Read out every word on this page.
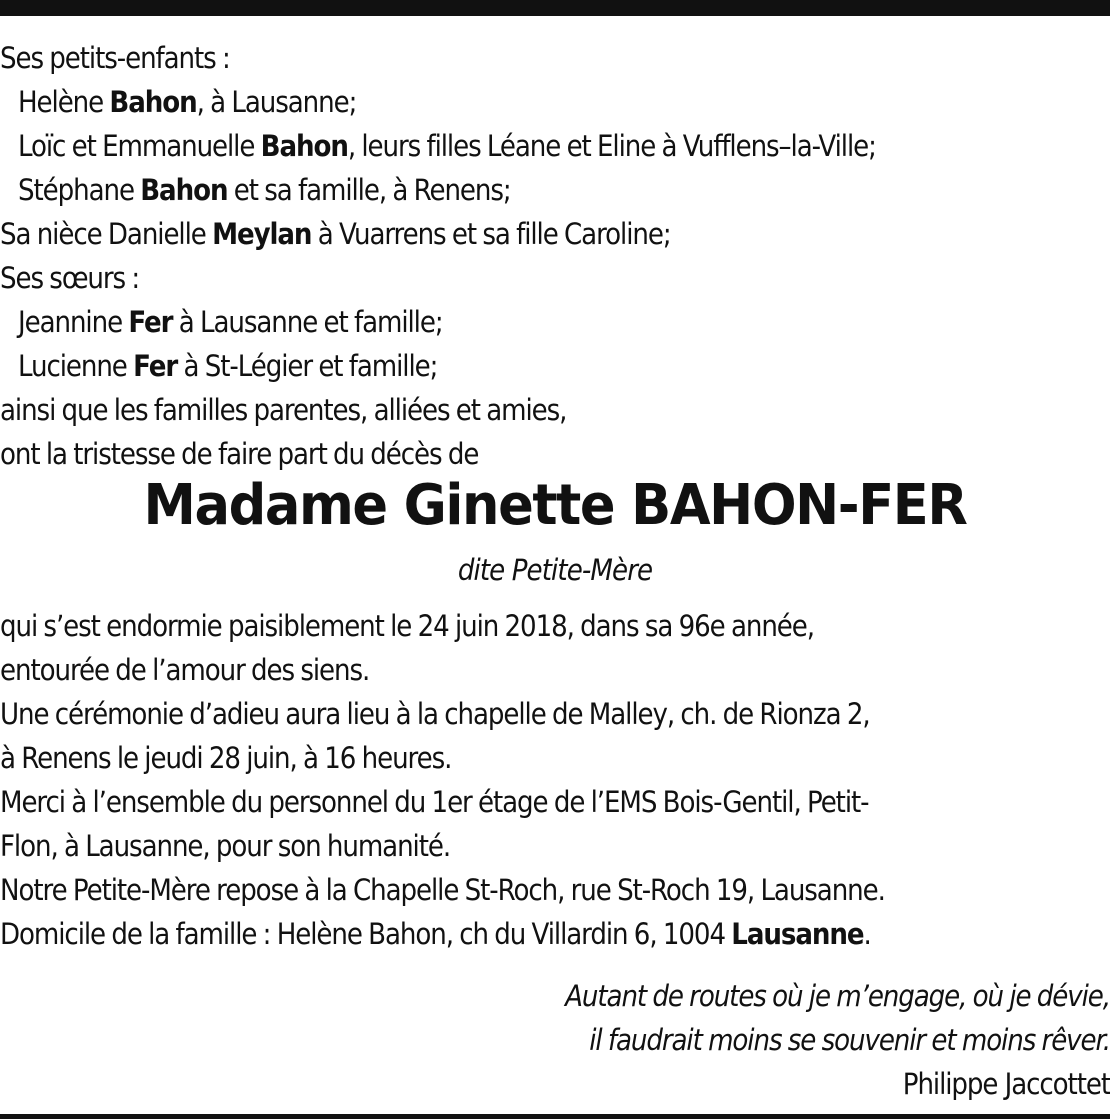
Ses petits-enfants :
Helène Bahon, à Lausanne;
Loïc et Emmanuelle Bahon, leurs filles Léane et Eline à Vufflens–la-Ville;
Stéphane Bahon et sa famille, à Renens;
Sa nièce Danielle Meylan à Vuarrens et sa fille Caroline;
Ses sœurs :
Jeannine Fer à Lausanne et famille;
Lucienne Fer à St-Légier et famille;
ainsi que les familles parentes, alliées et amies,
ont la tristesse de faire part du décès de
Madame Ginette BAHON-FER
dite Petite-Mère
qui s’est endormie paisiblement le 24 juin 2018, dans sa 96e année,
entourée de l’amour des siens.
Une cérémonie d’adieu aura lieu à la chapelle de Malley, ch. de Rionza 2,
à Renens le jeudi 28 juin, à 16 heures.
Merci à l’ensemble du personnel du 1er étage de l’EMS Bois-Gentil, Petit-
Flon, à Lausanne, pour son humanité.
Notre Petite-Mère repose à la Chapelle St-Roch, rue St-Roch 19, Lausanne.
Domicile de la famille : Helène Bahon, ch du Villardin 6, 1004 Lausanne.
Autant de routes où je m’engage, où je dévie,
il faudrait moins se souvenir et moins rêver.
Philippe Jaccottet
